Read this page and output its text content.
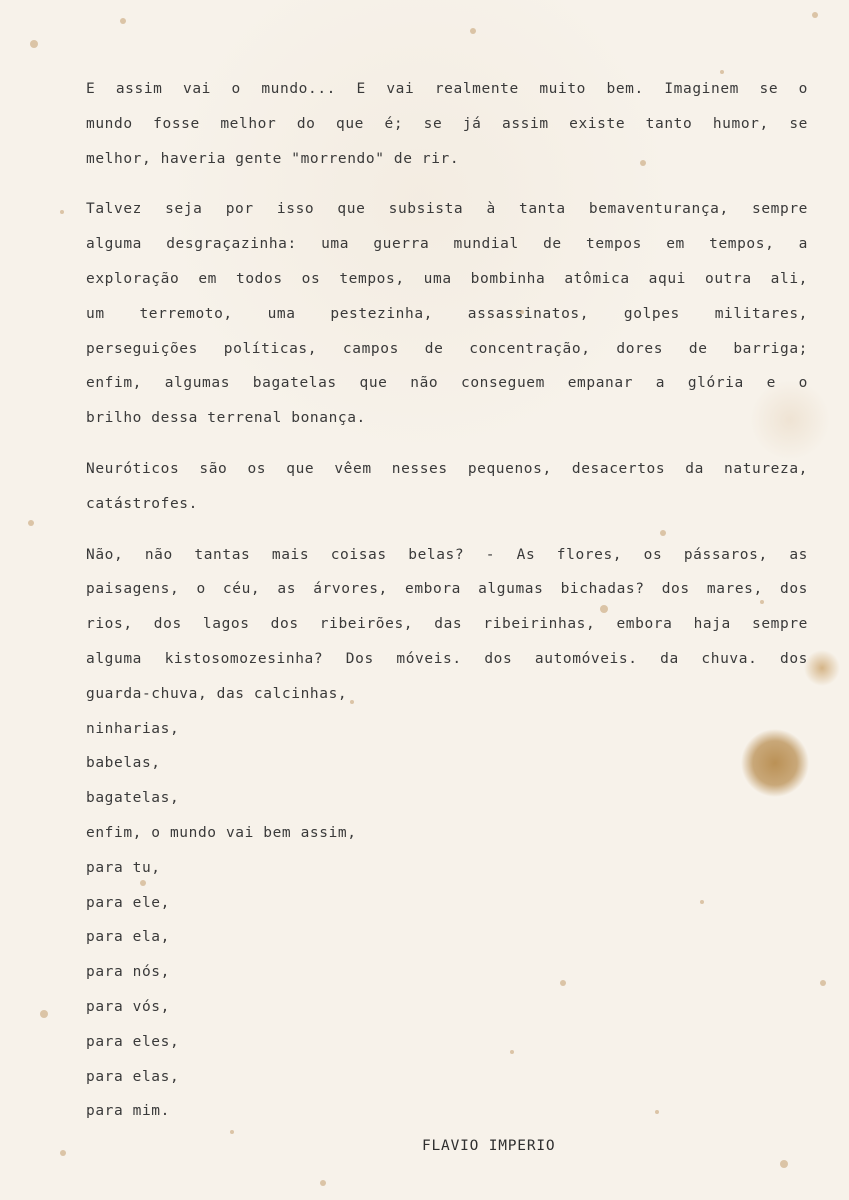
E assim vai o mundo... E vai realmente muito bem. Imaginem se o
mundo fosse melhor do que é; se já assim existe tanto humor, se
melhor, haveria gente "morrendo" de rir.
Talvez seja por isso que subsista à tanta bemaventurança, sempre
alguma desgraçazinha: uma guerra mundial de tempos em tempos, a
exploração em todos os tempos, uma bombinha atômica aqui outra ali,
um terremoto, uma pestezinha, assassinatos, golpes militares,
perseguições políticas, campos de concentração, dores de barriga;
enfim, algumas bagatelas que não conseguem empanar a glória e o
brilho dessa terrenal bonança.
Neuróticos são os que vêem nesses pequenos, desacertos da natureza,
catástrofes.
Não, não tantas mais coisas belas? - As flores, os pássaros, as
paisagens, o céu, as árvores, embora algumas bichadas? dos mares, dos
rios, dos lagos dos ribeirões, das ribeirinhas, embora haja sempre
alguma kistosomozesinha? Dos móveis. dos automóveis. da chuva. dos
guarda-chuva, das calcinhas,
ninharias,
babelas,
bagatelas,
enfim, o mundo vai bem assim,
para tu,
para ele,
para ela,
para nós,
para vós,
para eles,
para elas,
para mim.
FLAVIO IMPERIO
